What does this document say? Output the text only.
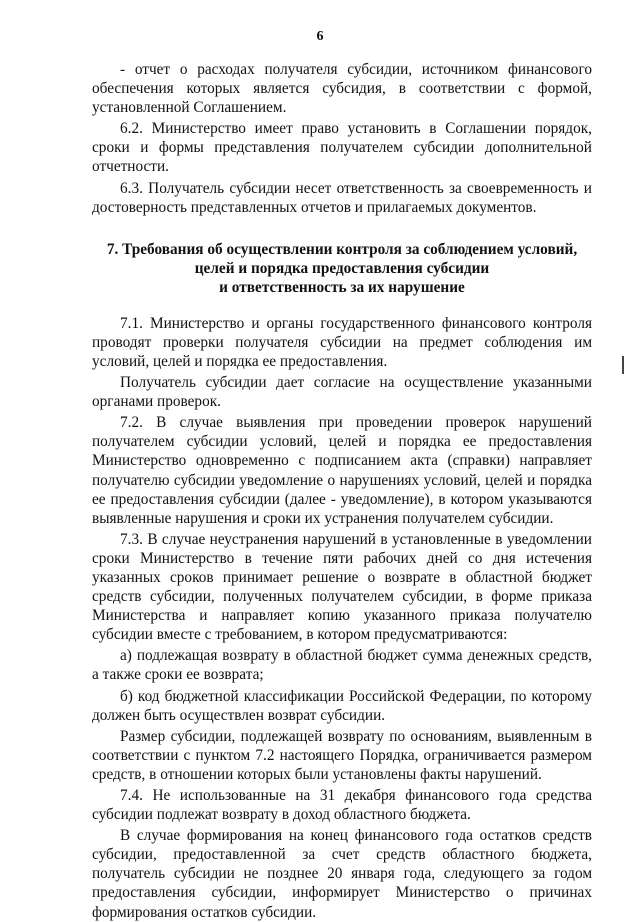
6

- отчет о расходах получателя субсидии, источником финансового обеспечения которых является субсидия, в соответствии с формой, установленной Соглашением.

6.2. Министерство имеет право установить в Соглашении порядок, сроки и формы представления получателем субсидии дополнительной отчетности.

6.3. Получатель субсидии несет ответственность за своевременность и достоверность представленных отчетов и прилагаемых документов.

7. Требования об осуществлении контроля за соблюдением условий,
целей и порядка предоставления субсидии
и ответственность за их нарушение

7.1. Министерство и органы государственного финансового контроля проводят проверки получателя субсидии на предмет соблюдения им условий, целей и порядка ее предоставления.

Получатель субсидии дает согласие на осуществление указанными органами проверок.

7.2. В случае выявления при проведении проверок нарушений получателем субсидии условий, целей и порядка ее предоставления Министерство одновременно с подписанием акта (справки) направляет получателю субсидии уведомление о нарушениях условий, целей и порядка ее предоставления субсидии (далее - уведомление), в котором указываются выявленные нарушения и сроки их устранения получателем субсидии.

7.3. В случае неустранения нарушений в установленные в уведомлении сроки Министерство в течение пяти рабочих дней со дня истечения указанных сроков принимает решение о возврате в областной бюджет средств субсидии, полученных получателем субсидии, в форме приказа Министерства и направляет копию указанного приказа получателю субсидии вместе с требованием, в котором предусматриваются:

а) подлежащая возврату в областной бюджет сумма денежных средств, а также сроки ее возврата;

б) код бюджетной классификации Российской Федерации, по которому должен быть осуществлен возврат субсидии.

Размер субсидии, подлежащей возврату по основаниям, выявленным в соответствии с пунктом 7.2 настоящего Порядка, ограничивается размером средств, в отношении которых были установлены факты нарушений.

7.4. Не использованные на 31 декабря финансового года средства субсидии подлежат возврату в доход областного бюджета.

В случае формирования на конец финансового года остатков средств субсидии, предоставленной за счет средств областного бюджета, получатель субсидии не позднее 20 января года, следующего за годом предоставления субсидии, информирует Министерство о причинах формирования остатков субсидии.
